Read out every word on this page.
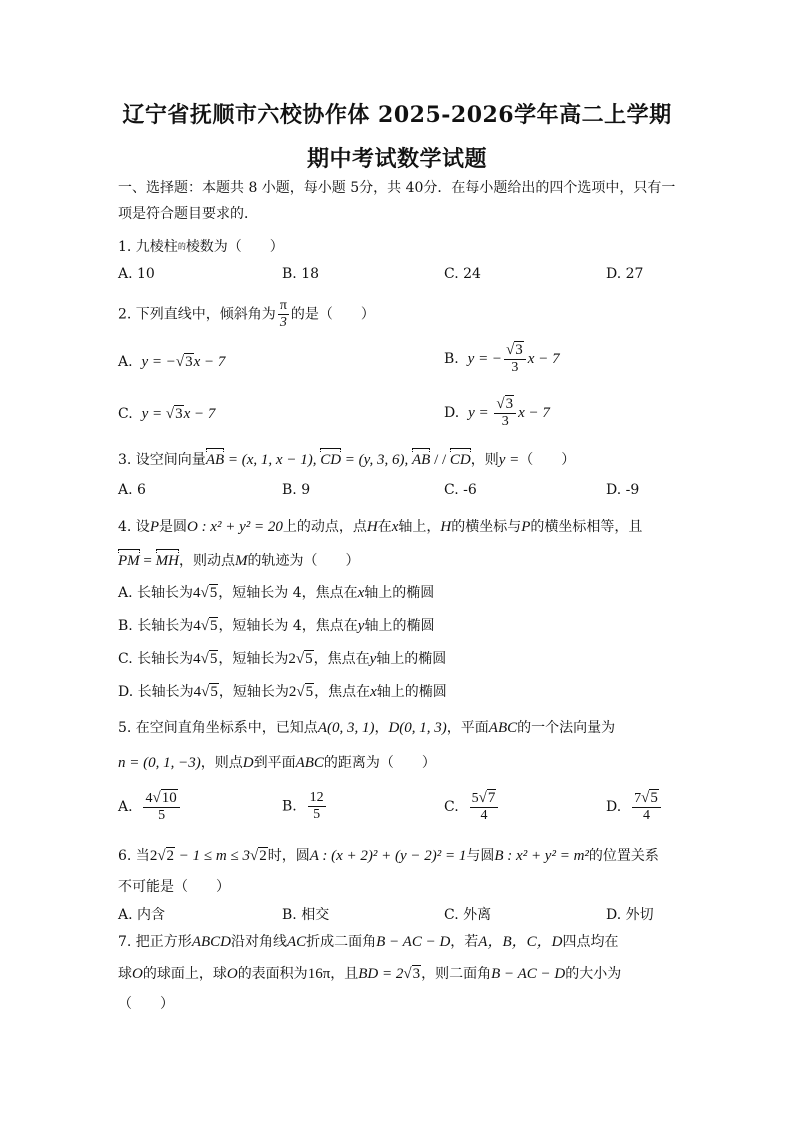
辽宁省抚顺市六校协作体 2025-2026学年高二上学期
期中考试数学试题
一、选择题：本题共 8 小题，每小题 5分，共 40分．在每小题给出的四个选项中，只有一
项是符合题目要求的．
1. 九棱柱的棱数为（　　）
A. 10	B. 18	C. 24	D. 27
2. 下列直线中，倾斜角为 $\frac{\pi}{3}$ 的是（　　）
A. y = −√3x − 7	B. y = − $\frac{√3}{3}$ x − 7
C. y = √3x − 7	D. $y = \frac{√3}{3}$ x − 7
3. 设空间向量AB = (x, 1, x − 1), CD = (y, 3, 6), AB / / CD，则y =（　　）
A. 6	B. 9	C. -6	D. -9
4. 设P是圆O : x² + y² = 20上的动点，点H在x轴上，H的横坐标与P的横坐标相等，且
PM = MH，则动点M的轨迹为（　　）
A. 长轴长为4√5，短轴长为 4，焦点在x轴上的椭圆
B. 长轴长为4√5，短轴长为 4，焦点在y轴上的椭圆
C. 长轴长为4√5，短轴长为2√5，焦点在y轴上的椭圆
D. 长轴长为4√5，短轴长为2√5，焦点在x轴上的椭圆
5. 在空间直角坐标系中，已知点A(0, 3, 1)，D(0, 1, 3)，平面ABC的一个法向量为
n = (0, 1, −3)，则点D到平面ABC的距离为（　　）
A. $\frac{4√10}{5}$	B. $\frac{12}{5}$	C. $\frac{5√7}{4}$	D. $\frac{7√5}{4}$
6. 当2√2 − 1 ≤ m ≤ 3√2时，圆A : (x + 2)² + (y − 2)² = 1与圆B : x² + y² = m²的位置关系
不可能是（　　）
A. 内含	B. 相交	C. 外离	D. 外切
7. 把正方形ABCD沿对角线AC折成二面角B − AC − D，若A，B，C，D四点均在
球O的球面上，球O的表面积为16π，且BD = 2√3，则二面角B − AC − D的大小为
（　　）
